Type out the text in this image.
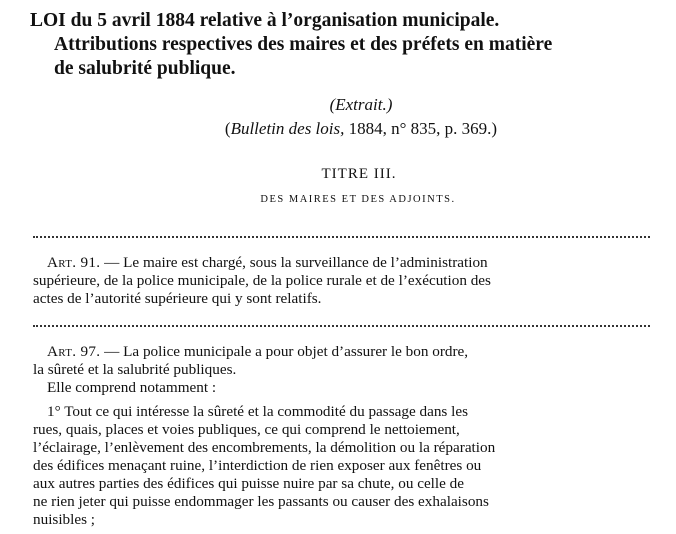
LOI du 5 avril 1884 relative à l’organisation municipale.
Attributions respectives des maires et des préfets en matière
de salubrité publique.
(Extrait.)
(Bulletin des lois, 1884, n° 835, p. 369.)
TITRE III.
DES MAIRES ET DES ADJOINTS.
Art. 91. — Le maire est chargé, sous la surveillance de l’administration
supérieure, de la police municipale, de la police rurale et de l’exécution des
actes de l’autorité supérieure qui y sont relatifs.
Art. 97. — La police municipale a pour objet d’assurer le bon ordre,
la sûreté et la salubrité publiques.
Elle comprend notamment :
1° Tout ce qui intéresse la sûreté et la commodité du passage dans les
rues, quais, places et voies publiques, ce qui comprend le nettoiement,
l’éclairage, l’enlèvement des encombrements, la démolition ou la réparation
des édifices menaçant ruine, l’interdiction de rien exposer aux fenêtres ou
aux autres parties des édifices qui puisse nuire par sa chute, ou celle de
ne rien jeter qui puisse endommager les passants ou causer des exhalaisons
nuisibles ;
